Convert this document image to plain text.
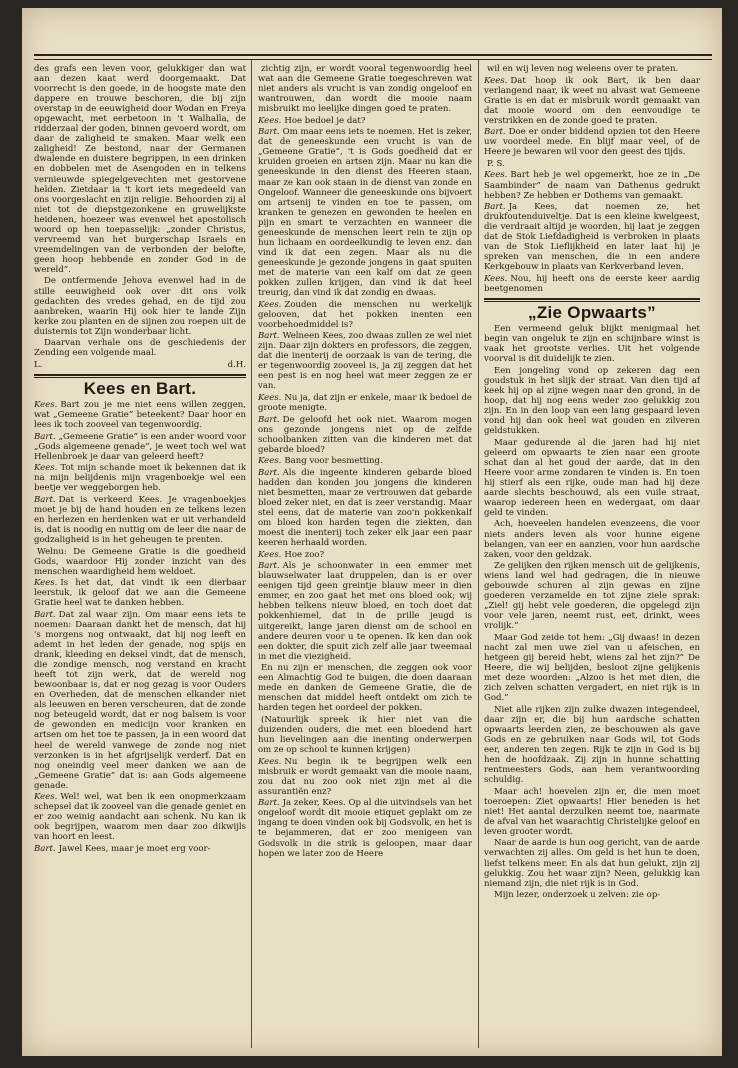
des grafs een leven voor, gelukkiger dan wat aan dezen kaat werd doorgemaakt. Dat voorrecht is den goede, in de hoogste mate den dappere en trouwe beschoren, die bij zijn overstap in de eeuwigheid door Wodan en Freya opgewacht, met eerbetoon in 't Walhalla, de ridderzaal der goden, binnen gevoerd wordt, om daar de zaligheid te smaken. Maar welk een zaligheid! Ze bestond, naar der Germanen dwalende en duistere begrippen, in een drinken en dobbelen met de Asengoden en in telkens vernieuwde spiegelgevechten met gestorvene helden. Zietdaar ia 't kort iets megedeeld van ons voorgeslacht en zijn religie. Behoorden zij al niet tot de diepstgezonkene en gruwelijkste heidenen, hoezeer was evenwel het apostolisch woord op hen toepasselijk: „zonder Christus, vervreemd van het burgerschap Israels en vreemdelingen van de verbonden der belofte, geen hoop hebbende en zonder God in de wereld”.

De ontfermende Jehova evenwel had in de stille eeuwigheid ook over dit ons volk gedachten des vredes gehad, en de tijd zou aanbreken, waarin Hij ook hier te lande Zijn kerke zou planten en de sijnen zou roepen uit de duisternis tot Zijn wonderbaar licht.

Daarvan verhale ons de geschiedenis der Zending een volgende maal.

L.	d.H.
Kees en Bart.

Kees. Bart zou je me niet eens willen zeggen, wat „Gemeene Gratie” beteekent? Daar hoor en lees ik toch zooveel van tegenwoordig.

Bart. „Gemeene Gratie” is een ander woord voor „Gods algemeene genade”, je weet toch wel wat Hellenbroek je daar van geleerd heeft?

Kees. Tot mijn schande moet ik bekennen dat ik na mijn belijdenis mijn vragenboekje wel een beetje ver weggeborgen heb.

Bart. Dat is verkeerd Kees. Je vragenboekjes moet je bij de hand houden en ze telkens lezen en herlezen en herdenken wat er uit verhandeld is, dat is noodig en nuttig om de leer die naar de godzaligheid is in het geheugen te prenten.

Welnu: De Gemeene Gratie is die goedheid Gods, waardoor Hij zonder inzicht van des menschen waardigheid hem weldoet.

Kees. Is het dat, dat vindt ik een dierbaar leerstuk, ik geloof dat we aan die Gemeene Gratie heel wat te danken hebben.

Bart. Dat zal waar zijn. Om maar eens iets te noemen: Daaraan dankt het de mensch, dat hij 's morgens nog ontwaakt, dat hij nog leeft en ademt in het leden der genade, nog spijs en drank, kleeding en deksel vindt, dat de mensch, die zondige mensch, nog verstand en kracht heeft tot zijn werk, dat de wereld nog bewoonbaar is, dat er nog gezag is voor Ouders en Overheden, dat de menschen elkander niet als leeuwen en beren verscheuren, dat de zonde nog beteugeld wordt, dat er nog balsem is voor de gewonden en medicijn voor kranken en artsen om het toe te passen, ja in een woord dat heel de wereld vanwege de zonde nog niet verzonken is in het afgrijselijk verderf. Dat en nog oneindig veel meer danken we aan de „Gemeene Gratie” dat is: aan Gods algemeene genade.

Kees. Wel! wel, wat ben ik een onopmerkzaam schepsel dat ik zooveel van die genade geniet en er zoo weinig aandacht aan schenk. Nu kan ik ook begrijpen, waarom men daar zoo dikwijls van hoort en leest.

Bart. Jawel Kees, maar je moet erg voor-

zichtig zijn, er wordt vooral tegenwoordig heel wat aan die Gemeene Gratie toegeschreven wat niet anders als vrucht is van zondig ongeloof en wantrouwen, dan wordt die mooie naam misbruikt mo leelijke dingen goed te praten.

Kees. Hoe bedoel je dat?

Bart. Om maar eens iets te noemen. Het is zeker, dat de geneeskunde een vrucht is van de „Gemeene Gratie”, 't is Gods goedheid dat er kruiden groeien en artsen zijn. Maar nu kan die geneeskunde in den dienst des Heeren staan, maar ze kan ook staan in de dienst van zonde en Ongeloof. Wanneer die geneeskunde ons bijvoert om artsenij te vinden en toe te passen, om kranken te genezen en gewonden te heelen en pijn en smart te verzachten en wanneer die geneeskunde de menschen leert rein te zijn op hun lichaam en oordeelkundig te leven enz. dan vind ik dat een zegen. Maar als nu die geneeskunde je gezonde jongens in gaat spuiten met de materie van een kalf om dat ze geen pokken zullen krijgen, dan vind ik dat heel treurig, dan vind ik dat zondig en dwaas.

Kees. Zouden die menschen nu werkelijk gelooven, dat het pokken inenten een voorbehoedmiddel is?

Bart. Welneen Kees, zoo dwaas zullen ze wel niet zijn. Daar zijn dokters en professors, die zeggen, dat die inenterij de oorzaak is van de tering, die er tegenwoordig zooveel is, ja zij zeggen dat het een pest is en nog heel wat meer zeggen ze er van.

Kees. Nu ja, dat zijn er enkele, maar ik bedoel de groote menigte.

Bart. De geloofd het ook niet. Waarom mogen ons gezonde jongens niet op de zelfde schoolbanken zitten van die kinderen met dat gebarde bloed?

Kees. Bang voor besmetting.

Bart. Als die ingeente kinderen gebarde bloed hadden dan konden jou jongens die kinderen niet besmetten, maar ze vertrouwen dat gebarde bloed zeker niet, en dat is zeer verstandig. Maar stel eens, dat de materie van zoo'n pokkenkalf om bloed kon harden tegen die ziekten, dan moest die inenterij toch zeker elk jaar een paar keeren herhaald worden.

Kees. Hoe zoo?

Bart. Als je schoonwater in een emmer met blauwselwater laat druppelen, dan is er over eenigen tijd geen greintje blauw meer in dien emmer, en zoo gaat het met ons bloed ook; wij hebben telkens nieuw bloed, en toch doet dat pokkenhiemel, dat in de prille jeugd is uitgereikt, lange jaren dienst om de school en andere deuren voor u te openen. Ik ken dan ook een dokter, die spuit zich zelf alle jaar tweemaal in met die viezigheid.

En nu zijn er menschen, die zeggen ook voor een Almachtig God te buigen, die doen daaraan mede en danken de Gemeene Gratie, die de menschen dat middel heeft ontdekt om zich te harden tegen het oordeel der pokken.

(Natuurlijk spreek ik hier niet van die duizenden ouders, die met een bloedend hart hun lievelingen aan die inenting onderwerpen om ze op school te kunnen krijgen)

Kees. Nu begin ik te begrijpen welk een misbruik er wordt gemaakt van die mooie naam, zou dat nu zoo ook niet zijn met al die assurantiën enz?

Bart. Ja zeker, Kees. Op al die uitvindsels van het ongeloof wordt dit mooie etiquet geplakt om ze ingang te doen vinden ook bij Godsvolk, en het is te bejammeren, dat er zoo menigeen van Godsvolk in die strik is geloopen, maar daar hopen we later zoo de Heere

wil en wij leven nog weleens over te praten.

Kees. Dat hoop ik ook Bart, ik ben daar verlangend naar, ik weet nu alvast wat Gemeene Gratie is en dat er misbruik wordt gemaakt van dat mooie woord om den eenvoudige te verstrikken en de zonde goed te praten.

Bart. Doe er onder biddend opzien tot den Heere uw voordeel mede. En blijf maar veel, of de Heere je bewaren wil voor den geest des tijds.

P. S.

Kees. Bart heb je wel opgemerkt, hoe ze in „De Saambinder” de naam van Dathenus gedrukt hebben? Ze hebben er Dothems van gemaakt.

Bart. Ja Kees, dat noemen ze, het drukfoutenduiveltje. Dat is een kleine kwelgeest, die verdraait altijd je woorden, hij laat je zeggen dat de Stok Liefdadigheid is verbroken in plaats van de Stok Lieflijkheid en later laat hij je spreken van menschen, die in een andere Kerkgebouw in plaats van Kerkverband leven.

Kees. Nou, hij heeft ons de eerste keer aardig beetgenomen

„Zie Opwaarts”

Een vermeend geluk blijkt menigmaal het begin van ongeluk te zijn en schijnbare winst is vaak het grootste verlies. Uit het volgende voorval is dit duidelijk te zien.

Een jongeling vond op zekeren dag een goudstuk in het slijk der straat. Van dien tijd af keek hij op al zijne wegen naar den grond, in de hoop, dat hij nog eens weder zoo gelukkig zou zijn. En in den loop van een lang gespaard leven vond hij dan ook heel wat gouden en zilveren geldstukken.

Maar gedurende al die jaren had hij niet geleerd om opwaarts te zien naar een groote schat dan al het goud der aarde, dat in den Heere voor arme zondaren te vinden is. En toen hij stierf als een rijke, oude man had hij deze aarde slechts beschouwd, als een vuile straat, waarop iedereen heen en wedergaat, om daar geld te vinden.

Ach, hoeveelen handelen evenzeens, die voor niets anders leven als voor hunne eigene belangen, van eer en aanzien, voor hun aardsche zaken, voor den geldzak.

Ze gelijken den rijken mensch uit de gelijkenis, wiens land wel had gedragen, die in nieuwe gebouwde schuren al zijn gewas en zijne goederen verzamelde en tot zijne ziele sprak: „Ziel! gij hebt vele goederen, die opgelegd zijn voor vele jaren, neemt rust, eet, drinkt, wees vrolijk.”

Maar God zeide tot hem: „Gij dwaas! in dezen nacht zal men uwe ziel van u afeischen, en hetgeen gij bereid hebt, wiens zal het zijn?” De Heere, die wij belijden, besloot zijne gelijkenis met deze woorden: „Alzoo is het met dien, die zich zelven schatten vergadert, en niet rijk is in God.”

Niet alle rijken zijn zulke dwazen integendeel, daar zijn er, die bij hun aardsche schatten opwaarts leerden zien, ze beschouwen als gave Gods en ze gebruiken naar Gods wil, tot Gods eer, anderen ten zegen. Rijk te zijn in God is bij hen de hoofdzaak. Zij zijn in hunne schatting rentmeesters Gods, aan hem verantwoording schuldig.

Maar ach! hoevelen zijn er, die men moet toeroepen: Ziet opwaarts! Hier beneden is het niet! Het aantal derzulken neemt toe, naarmate de afval van het waarachtig Christelijke geloof en leven grooter wordt.

Naar de aarde is hun oog gericht, van de aarde verwachten zij alles. Om geld is het hun te doen, liefst telkens meer. En als dat hun gelukt, zijn zij gelukkig. Zou het waar zijn? Neen, gelukkig kan niemand zijn, die niet rijk is in God.

Mijn lezer, onderzoek u zelven: zie op-
